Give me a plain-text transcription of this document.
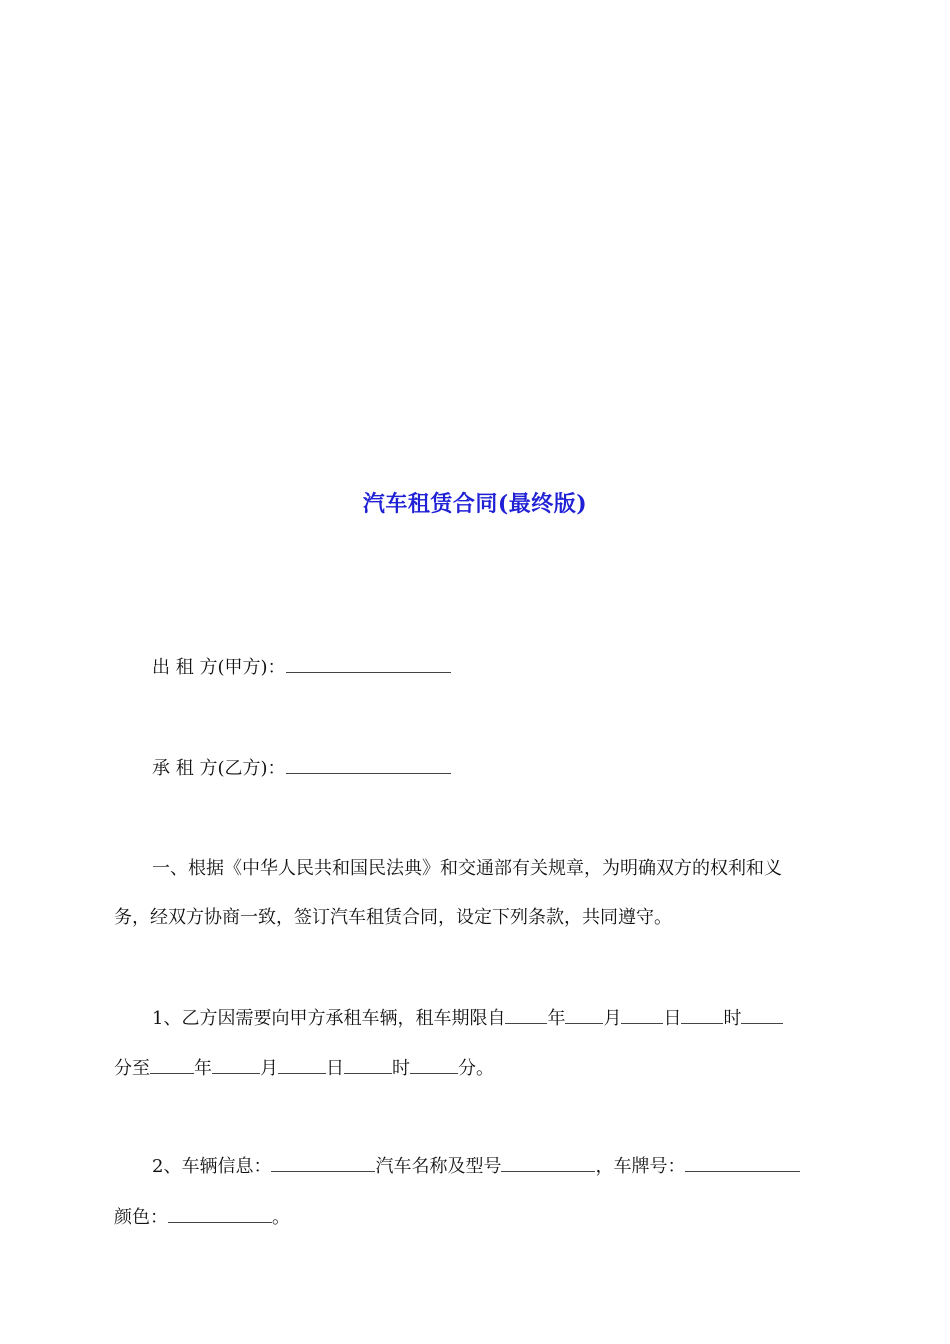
汽车租赁合同(最终版)
出 租 方(甲方)：
承 租 方(乙方)：
一、根据《中华人民共和国民法典》和交通部有关规章，为明确双方的权利和义
务，经双方协商一致，签订汽车租赁合同，设定下列条款，共同遵守。
1、乙方因需要向甲方承租车辆，租车期限自 年 月 日 时
分至 年	月	日	时	分。
2、车辆信息：	汽车名称及型号	，车牌号：
颜色：	。
